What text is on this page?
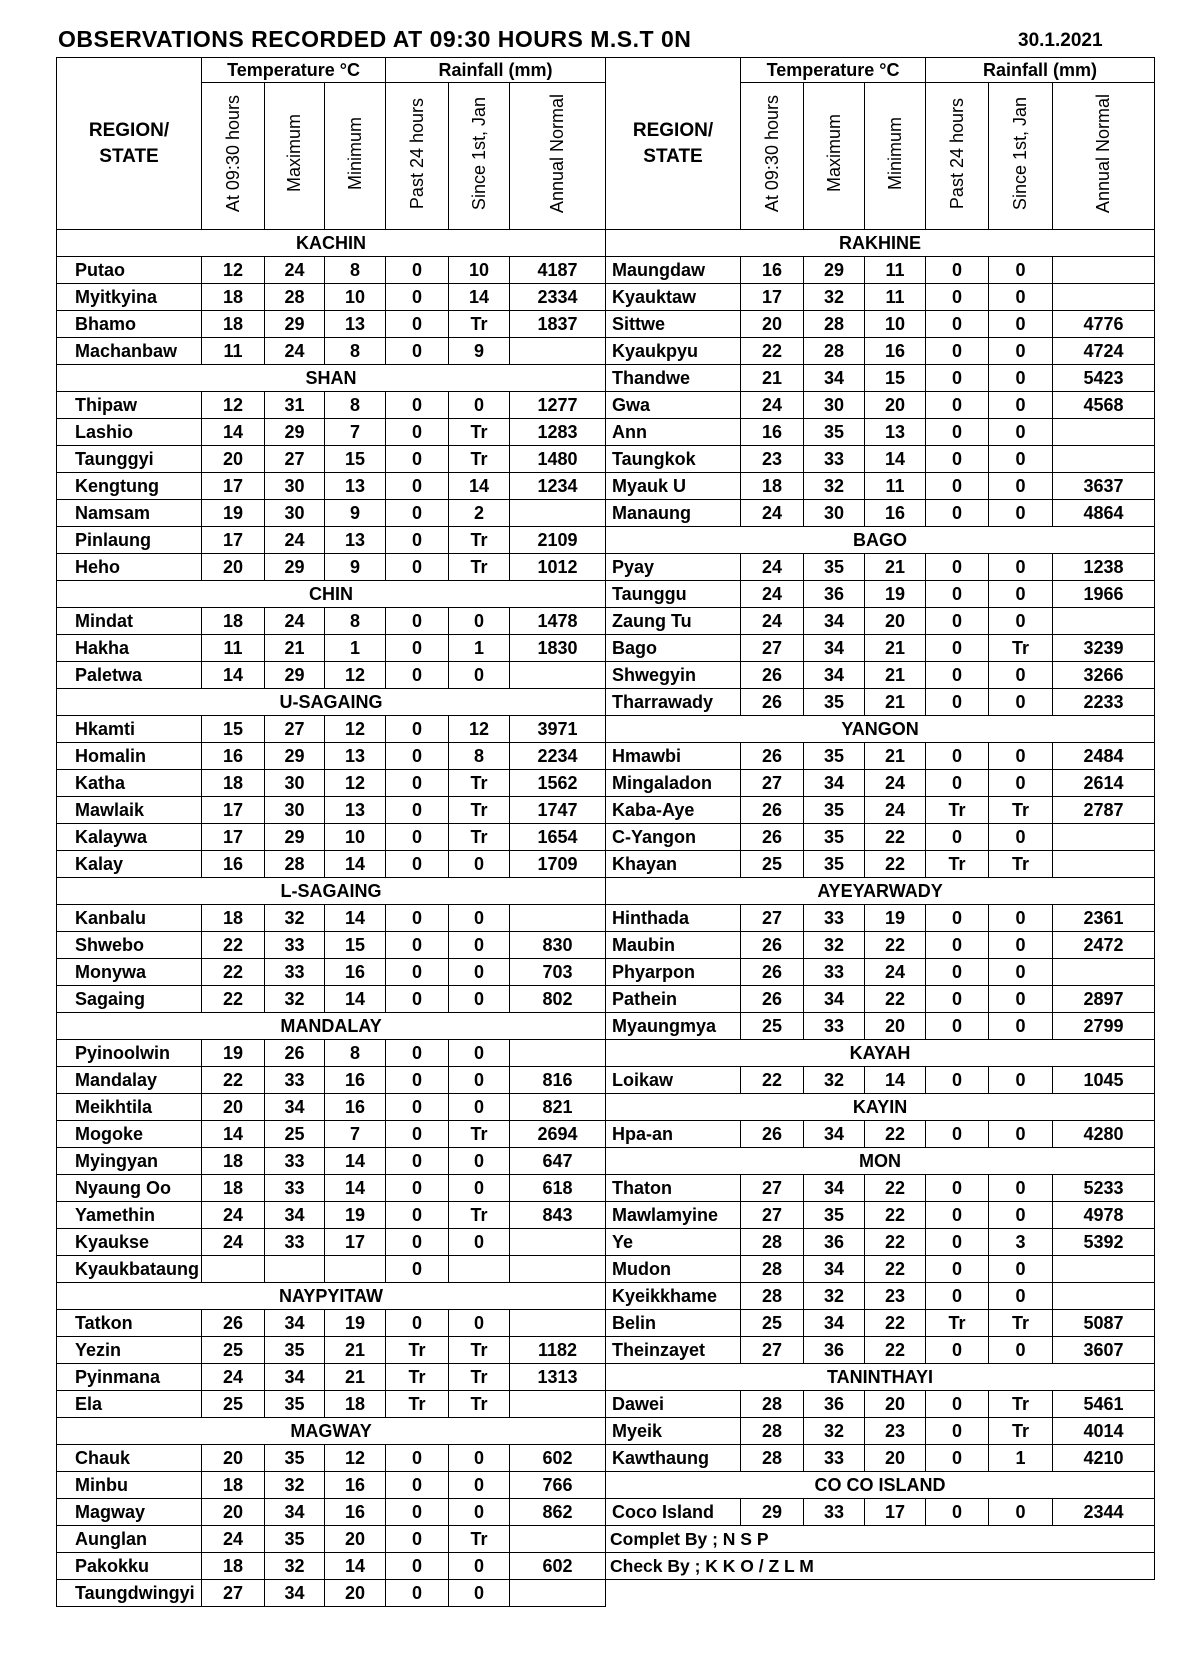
OBSERVATIONS RECORDED AT 09:30 HOURS M.S.T 0N	30.1.2021
REGION/
STATE	Temperature °C			Rainfall (mm)		
	At 09:30 hours	Maximum	Minimum	Past 24 hours	Since 1st, Jan	Annual Normal
KACHIN						
Putao	12	24	8	0	10	4187
Myitkyina	18	28	10	0	14	2334
Bhamo	18	29	13	0	Tr	1837
Machanbaw	11	24	8	0	9	
SHAN						
Thipaw	12	31	8	0	0	1277
Lashio	14	29	7	0	Tr	1283
Taunggyi	20	27	15	0	Tr	1480
Kengtung	17	30	13	0	14	1234
Namsam	19	30	9	0	2	
Pinlaung	17	24	13	0	Tr	2109
Heho	20	29	9	0	Tr	1012
CHIN						
Mindat	18	24	8	0	0	1478
Hakha	11	21	1	0	1	1830
Paletwa	14	29	12	0	0	
U-SAGAING						
Hkamti	15	27	12	0	12	3971
Homalin	16	29	13	0	8	2234
Katha	18	30	12	0	Tr	1562
Mawlaik	17	30	13	0	Tr	1747
Kalaywa	17	29	10	0	Tr	1654
Kalay	16	28	14	0	0	1709
L-SAGAING						
Kanbalu	18	32	14	0	0	
Shwebo	22	33	15	0	0	830
Monywa	22	33	16	0	0	703
Sagaing	22	32	14	0	0	802
MANDALAY						
Pyinoolwin	19	26	8	0	0	
Mandalay	22	33	16	0	0	816
Meikhtila	20	34	16	0	0	821
Mogoke	14	25	7	0	Tr	2694
Myingyan	18	33	14	0	0	647
Nyaung Oo	18	33	14	0	0	618
Yamethin	24	34	19	0	Tr	843
Kyaukse	24	33	17	0	0	
Kyaukbataung				0		
NAYPYITAW						
Tatkon	26	34	19	0	0	
Yezin	25	35	21	Tr	Tr	1182
Pyinmana	24	34	21	Tr	Tr	1313
Ela	25	35	18	Tr	Tr	
MAGWAY						
Chauk	20	35	12	0	0	602
Minbu	18	32	16	0	0	766
Magway	20	34	16	0	0	862
Aunglan	24	35	20	0	Tr	
Pakokku	18	32	14	0	0	602
Taungdwingyi	27	34	20	0	0	
REGION/
STATE	Temperature °C			Rainfall (mm)		
	At 09:30 hours	Maximum	Minimum	Past 24 hours	Since 1st, Jan	Annual Normal
RAKHINE						
Maungdaw	16	29	11	0	0	
Kyauktaw	17	32	11	0	0	
Sittwe	20	28	10	0	0	4776
Kyaukpyu	22	28	16	0	0	4724
Thandwe	21	34	15	0	0	5423
Gwa	24	30	20	0	0	4568
Ann	16	35	13	0	0	
Taungkok	23	33	14	0	0	
Myauk U	18	32	11	0	0	3637
Manaung	24	30	16	0	0	4864
BAGO						
Pyay	24	35	21	0	0	1238
Taunggu	24	36	19	0	0	1966
Zaung Tu	24	34	20	0	0	
Bago	27	34	21	0	Tr	3239
Shwegyin	26	34	21	0	0	3266
Tharrawady	26	35	21	0	0	2233
YANGON						
Hmawbi	26	35	21	0	0	2484
Mingaladon	27	34	24	0	0	2614
Kaba-Aye	26	35	24	Tr	Tr	2787
C-Yangon	26	35	22	0	0	
Khayan	25	35	22	Tr	Tr	
AYEYARWADY						
Hinthada	27	33	19	0	0	2361
Maubin	26	32	22	0	0	2472
Phyarpon	26	33	24	0	0	
Pathein	26	34	22	0	0	2897
Myaungmya	25	33	20	0	0	2799
KAYAH						
Loikaw	22	32	14	0	0	1045
KAYIN						
Hpa-an	26	34	22	0	0	4280
MON						
Thaton	27	34	22	0	0	5233
Mawlamyine	27	35	22	0	0	4978
Ye	28	36	22	0	3	5392
Mudon	28	34	22	0	0	
Kyeikkhame	28	32	23	0	0	
Belin	25	34	22	Tr	Tr	5087
Theinzayet	27	36	22	0	0	3607
TANINTHAYI						
Dawei	28	36	20	0	Tr	5461
Myeik	28	32	23	0	Tr	4014
Kawthaung	28	33	20	0	1	4210
CO CO ISLAND						
Coco Island	29	33	17	0	0	2344
Complet By ; N S P						
Check By ; K K O / Z L M						
